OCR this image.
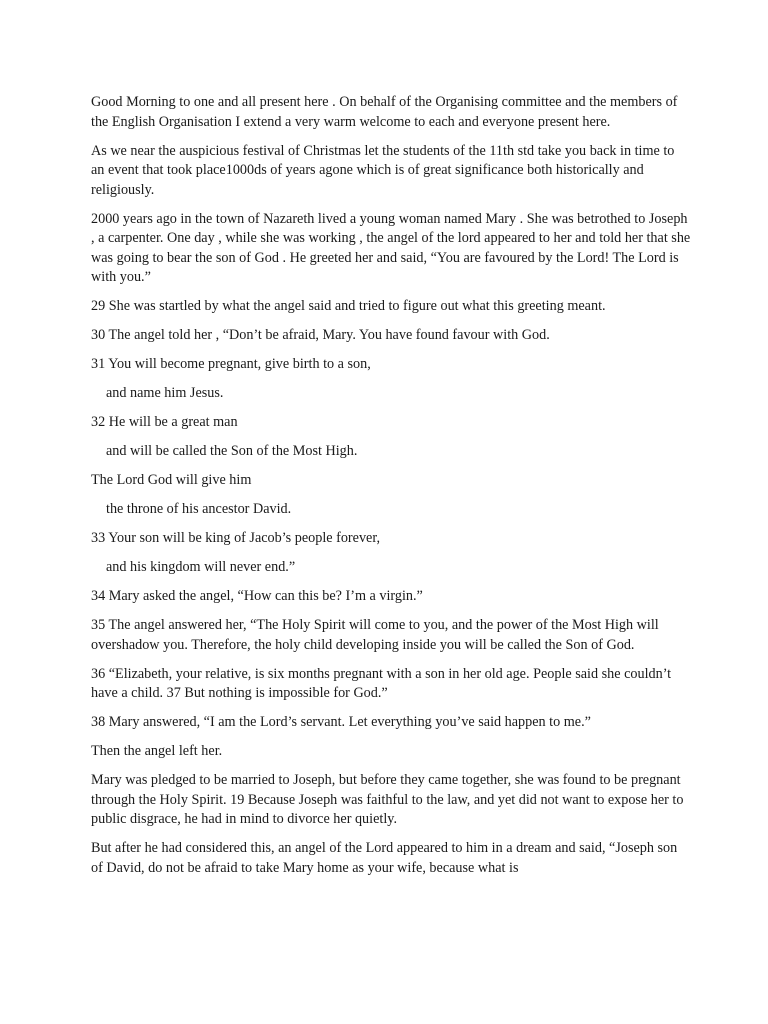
Good Morning to one and all present here . On behalf of the Organising committee and the members of the English Organisation I extend a very warm welcome to each and everyone present here.

As we near the auspicious festival of Christmas let the students of the 11th std take you back in time to an event that took place1000ds of years agone which is of great significance both historically and religiously.

2000 years ago in the town of Nazareth lived a young woman named Mary . She was betrothed to Joseph , a carpenter. One day , while she was working , the angel of the lord appeared to her and told her that she was going to bear the son of God . He greeted her and said, “You are favoured by the Lord! The Lord is with you.”

29 She was startled by what the angel said and tried to figure out what this greeting meant.

30 The angel told her , “Don’t be afraid, Mary. You have found favour with God.

31 You will become pregnant, give birth to a son,

and name him Jesus.

32 He will be a great man

and will be called the Son of the Most High.

The Lord God will give him

the throne of his ancestor David.

33 Your son will be king of Jacob’s people forever,

and his kingdom will never end.”

34 Mary asked the angel, “How can this be? I’m a virgin.”

35 The angel answered her, “The Holy Spirit will come to you, and the power of the Most High will overshadow you. Therefore, the holy child developing inside you will be called the Son of God.

36 “Elizabeth, your relative, is six months pregnant with a son in her old age. People said she couldn’t have a child. 37 But nothing is impossible for God.”

38 Mary answered, “I am the Lord’s servant. Let everything you’ve said happen to me.”

Then the angel left her.

Mary was pledged to be married to Joseph, but before they came together, she was found to be pregnant through the Holy Spirit. 19 Because Joseph was faithful to the law, and yet did not want to expose her to public disgrace, he had in mind to divorce her quietly.

But after he had considered this, an angel of the Lord appeared to him in a dream and said, “Joseph son of David, do not be afraid to take Mary home as your wife, because what is
